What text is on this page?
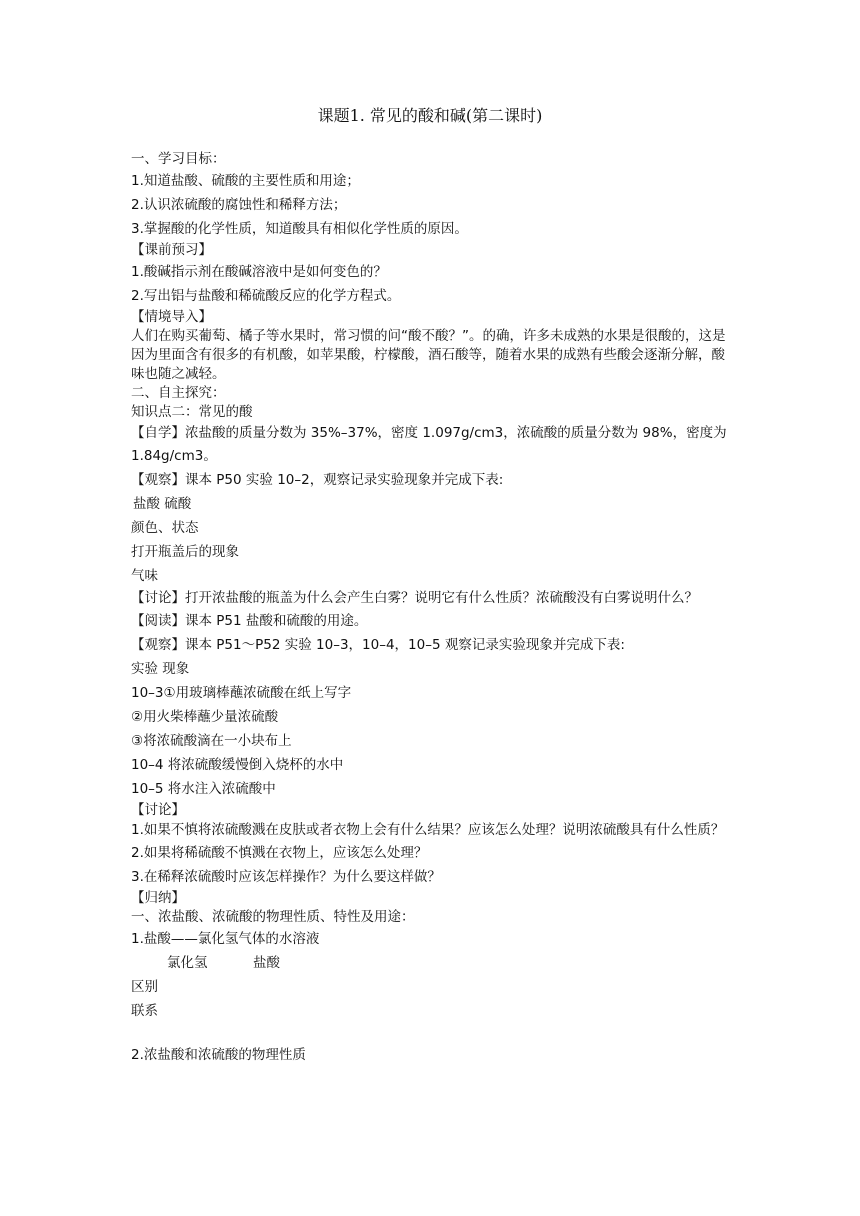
课题1. 常见的酸和碱(第二课时)
一、学习目标：
1.知道盐酸、硫酸的主要性质和用途；
2.认识浓硫酸的腐蚀性和稀释方法；
3.掌握酸的化学性质，知道酸具有相似化学性质的原因。
【课前预习】
1.酸碱指示剂在酸碱溶液中是如何变色的？
2.写出铝与盐酸和稀硫酸反应的化学方程式。
【情境导入】
人们在购买葡萄、橘子等水果时，常习惯的问“酸不酸？”。的确，许多未成熟的水果是很酸的，这是因为里面含有很多的有机酸，如苹果酸，柠檬酸，酒石酸等，随着水果的成熟有些酸会逐渐分解，酸味也随之减轻。
二、自主探究：
知识点二：常见的酸
【自学】浓盐酸的质量分数为 35%–37%，密度 1.097g/cm3，浓硫酸的质量分数为 98%，密度为 1.84g/cm3。
【观察】课本 P50 实验 10–2，观察记录实验现象并完成下表:
盐酸 硫酸
颜色、状态
打开瓶盖后的现象
气味
【讨论】打开浓盐酸的瓶盖为什么会产生白雾？说明它有什么性质？浓硫酸没有白雾说明什么？
【阅读】课本 P51 盐酸和硫酸的用途。
【观察】课本 P51～P52 实验 10–3，10–4，10–5 观察记录实验现象并完成下表:
实验 现象
10–3①用玻璃棒蘸浓硫酸在纸上写字
②用火柴棒蘸少量浓硫酸
③将浓硫酸滴在一小块布上
10–4 将浓硫酸缓慢倒入烧杯的水中
10–5 将水注入浓硫酸中
【讨论】
1.如果不慎将浓硫酸溅在皮肤或者衣物上会有什么结果？应该怎么处理？说明浓硫酸具有什么性质？
2.如果将稀硫酸不慎溅在衣物上，应该怎么处理？
3.在稀释浓硫酸时应该怎样操作？为什么要这样做？
【归纳】
一、浓盐酸、浓硫酸的物理性质、特性及用途：
1.盐酸——氯化氢气体的水溶液
氯化氢	盐酸
区别
联系
2.浓盐酸和浓硫酸的物理性质
